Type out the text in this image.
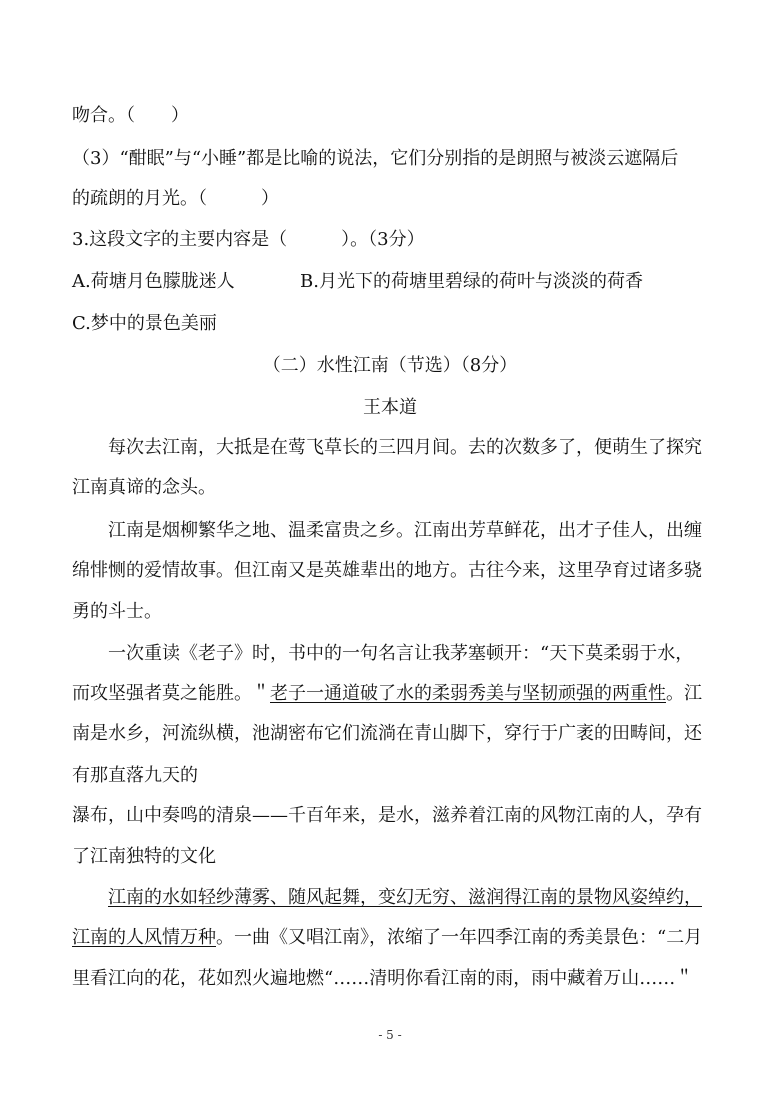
吻合。（　　）
（3）“酣眠”与“小睡”都是比喻的说法，它们分别指的是朗照与被淡云遮隔后
的疏朗的月光。（　　　）
3.这段文字的主要内容是（　　　）。（3分）
A.荷塘月色朦胧迷人	B.月光下的荷塘里碧绿的荷叶与淡淡的荷香
C.梦中的景色美丽
（二）水性江南（节选）（8分）
王本道
　　每次去江南，大抵是在莺飞草长的三四月间。去的次数多了，便萌生了探究
江南真谛的念头。
　　江南是烟柳繁华之地、温柔富贵之乡。江南出芳草鲜花，出才子佳人，出缠
绵悱恻的爱情故事。但江南又是英雄辈出的地方。古往今来，这里孕育过诸多骁
勇的斗士。
　　一次重读《老子》时，书中的一句名言让我茅塞顿开：“天下莫柔弱于水，
而攻坚强者莫之能胜。＂老子一通道破了水的柔弱秀美与坚韧顽强的两重性。江
南是水乡，河流纵横，池湖密布它们流淌在青山脚下，穿行于广袤的田畴间，还
有那直落九天的
瀑布，山中奏鸣的清泉——千百年来，是水，滋养着江南的风物江南的人，孕有
了江南独特的文化
　　江南的水如轻纱薄雾、随风起舞，变幻无穷、滋润得江南的景物风姿绰约，
江南的人风情万种。一曲《又唱江南》，浓缩了一年四季江南的秀美景色：“二月
里看江向的花，花如烈火遍地燃“……清明你看江南的雨，雨中藏着万山……＂
- 5 -
